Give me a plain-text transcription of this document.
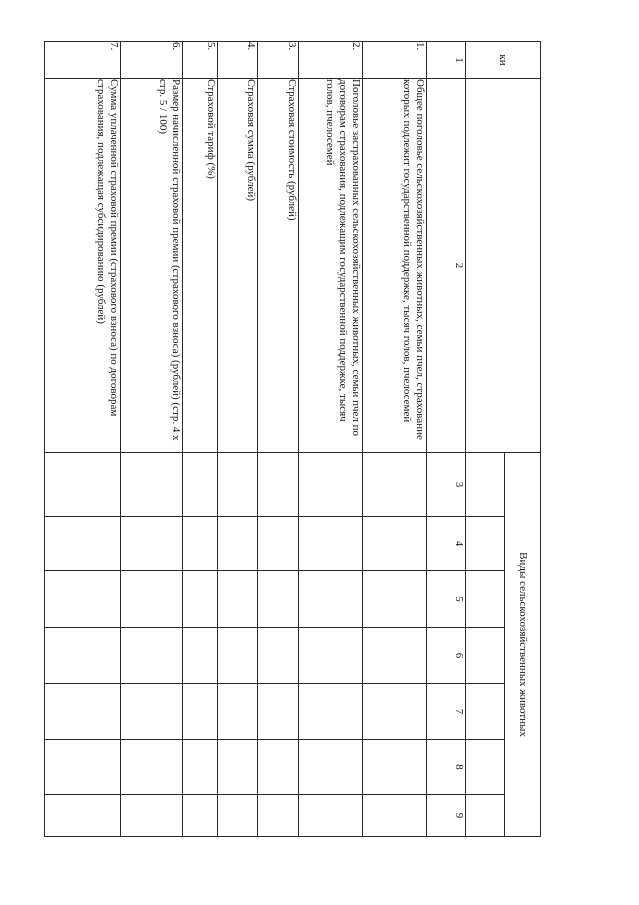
ки		Виды сельскохозяйственных животных						

1	2	3	4	5	6	7	8	9
1.	Общее поголовье сельскохозяйственных животных, семьи пчел, страхование которых подлежит государственной поддержке, тысяч голов, пчелосемей							
2.	Поголовье застрахованных сельскохозяйственных животных, семьи пчел по договорам страхования, подлежащим государственной поддержке, тысяч голов, пчелосемей							
3.	Страховая стоимость (рублей)							
4.	Страховая сумма (рублей)							
5.	Страховой тариф (%)							
6.	Размер начисленной страховой премии (страхового взноса) (рублей) (стр. 4 x стр. 5 / 100)							
7.	Сумма уплаченной страховой премии (страхового взноса) по договорам страхования, подлежащая субсидированию (рублей)							
